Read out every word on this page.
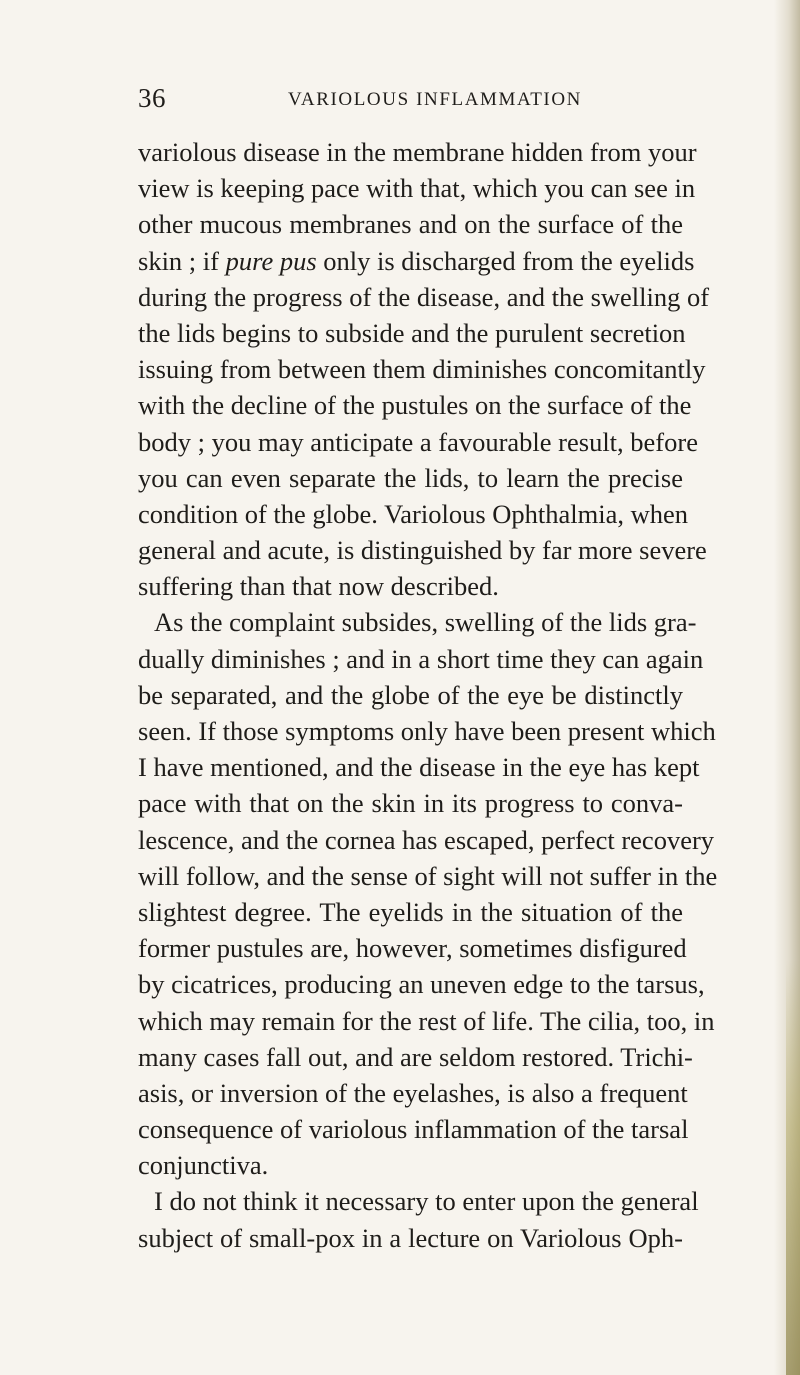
36	VARIOLOUS INFLAMMATION
variolous disease in the membrane hidden from your
view is keeping pace with that, which you can see in
other mucous membranes and on the surface of the
skin ; if pure pus only is discharged from the eyelids
during the progress of the disease, and the swelling of
the lids begins to subside and the purulent secretion
issuing from between them diminishes concomitantly
with the decline of the pustules on the surface of the
body ; you may anticipate a favourable result, before
you can even separate the lids, to learn the precise
condition of the globe. Variolous Ophthalmia, when
general and acute, is distinguished by far more severe
suffering than that now described.
As the complaint subsides, swelling of the lids gra-
dually diminishes ; and in a short time they can again
be separated, and the globe of the eye be distinctly
seen. If those symptoms only have been present which
I have mentioned, and the disease in the eye has kept
pace with that on the skin in its progress to conva-
lescence, and the cornea has escaped, perfect recovery
will follow, and the sense of sight will not suffer in the
slightest degree. The eyelids in the situation of the
former pustules are, however, sometimes disfigured
by cicatrices, producing an uneven edge to the tarsus,
which may remain for the rest of life. The cilia, too, in
many cases fall out, and are seldom restored. Trichi-
asis, or inversion of the eyelashes, is also a frequent
consequence of variolous inflammation of the tarsal
conjunctiva.
I do not think it necessary to enter upon the general
subject of small-pox in a lecture on Variolous Oph-
